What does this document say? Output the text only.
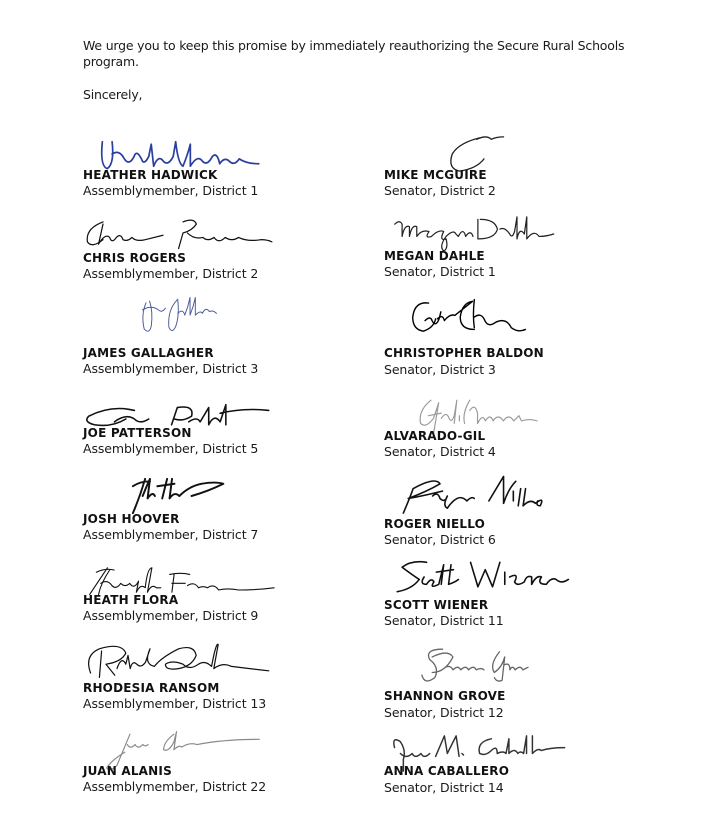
We urge you to keep this promise by immediately reauthorizing the Secure Rural Schools program.
Sincerely,
HEATHER HADWICK
Assemblymember, District 1
CHRIS ROGERS
Assemblymember, District 2
JAMES GALLAGHER
Assemblymember, District 3
JOE PATTERSON
Assemblymember, District 5
JOSH HOOVER
Assemblymember, District 7
HEATH FLORA
Assemblymember, District 9
RHODESIA RANSOM
Assemblymember, District 13
JUAN ALANIS
Assemblymember, District 22
MIKE MCGUIRE
Senator, District 2
MEGAN DAHLE
Senator, District 1
CHRISTOPHER BALDON
Senator, District 3
ALVARADO-GIL
Senator, District 4
ROGER NIELLO
Senator, District 6
SCOTT WIENER
Senator, District 11
SHANNON GROVE
Senator, District 12
ANNA CABALLERO
Senator, District 14
